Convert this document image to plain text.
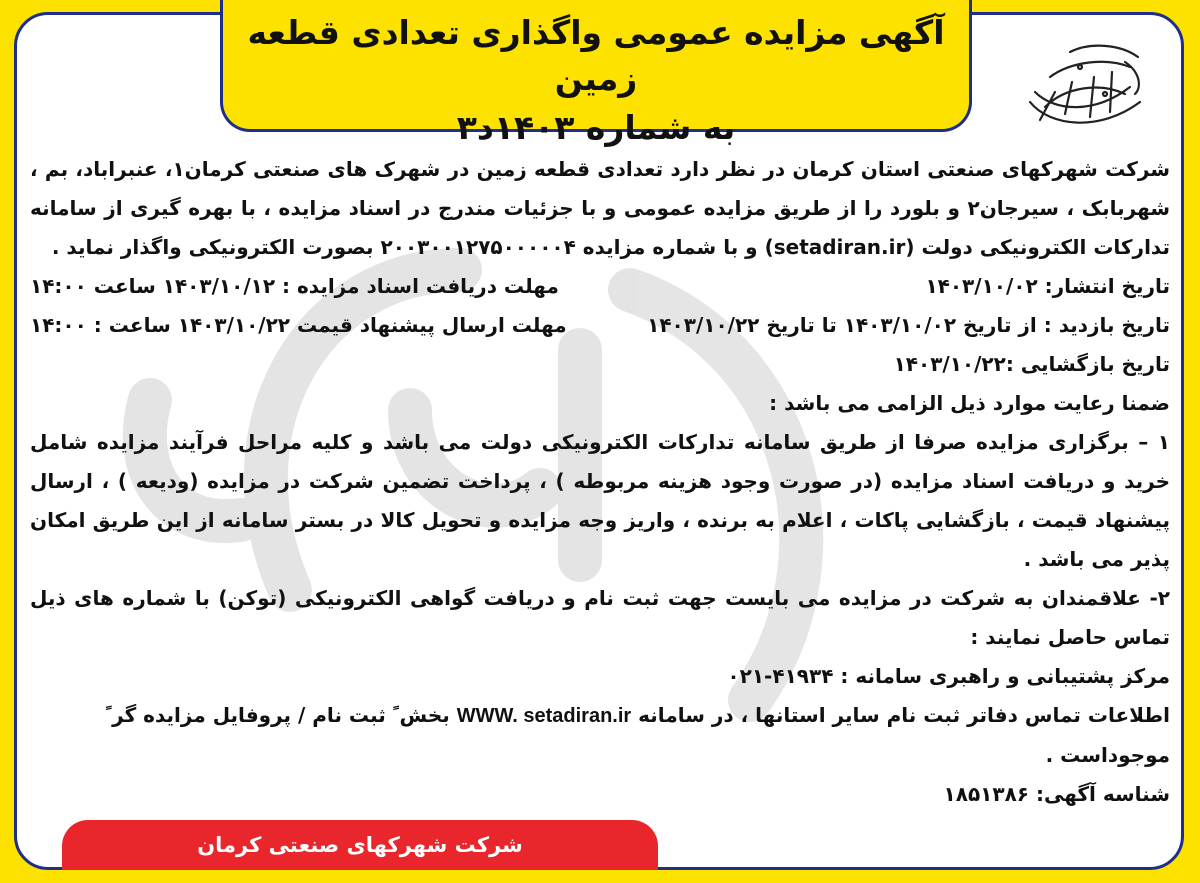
آگهی مزایده عمومی واگذاری تعدادی قطعه زمین
به شماره ۱۴۰۳د۳

شرکت شهرکهای صنعتی استان کرمان در نظر دارد تعدادی قطعه زمین در شهرک های صنعتی کرمان۱، عنبراباد، بم ، شهربابک ، سیرجان۲ و بلورد را از طریق مزایده عمومی و با جزئیات مندرج در اسناد مزایده ، با بهره گیری از سامانه تدارکات الکترونیکی دولت (setadiran.ir) و با شماره مزایده ۲۰۰۳۰۰۱۲۷۵۰۰۰۰۰۴ بصورت الکترونیکی واگذار نماید .

تاریخ انتشار: ۱۴۰۳/۱۰/۰۲
مهلت دریافت اسناد مزایده : ۱۴۰۳/۱۰/۱۲ ساعت ۱۴:۰۰
تاریخ بازدید : از تاریخ ۱۴۰۳/۱۰/۰۲ تا تاریخ ۱۴۰۳/۱۰/۲۲
مهلت ارسال پیشنهاد قیمت ۱۴۰۳/۱۰/۲۲ ساعت : ۱۴:۰۰

تاریخ بازگشایی :۱۴۰۳/۱۰/۲۲

ضمنا رعایت موارد ذیل الزامی می باشد :

۱ – برگزاری مزایده صرفا از طریق سامانه تدارکات الکترونیکی دولت می باشد و کلیه مراحل فرآیند مزایده شامل خرید و دریافت اسناد مزایده (در صورت وجود هزینه مربوطه ) ، پرداخت تضمین شرکت در مزایده (ودیعه ) ، ارسال پیشنهاد قیمت ، بازگشایی پاکات ، اعلام به برنده ، واریز وجه مزایده و تحویل کالا در بستر سامانه از این طریق امکان پذیر می باشد .

۲- علاقمندان به شرکت در مزایده می بایست جهت ثبت نام و دریافت گواهی الکترونیکی (توکن) با شماره های ذیل تماس حاصل نمایند :

مرکز پشتیبانی و راهبری سامانه : ۴۱۹۳۴-۰۲۱

اطلاعات تماس دفاتر ثبت نام سایر استانها ، در سامانه WWW. setadiran.ir بخش ً ثبت نام / پروفایل مزایده گر ً موجوداست .

شناسه آگهی: ۱۸۵۱۳۸۶

شرکت شهرکهای صنعتی کرمان
